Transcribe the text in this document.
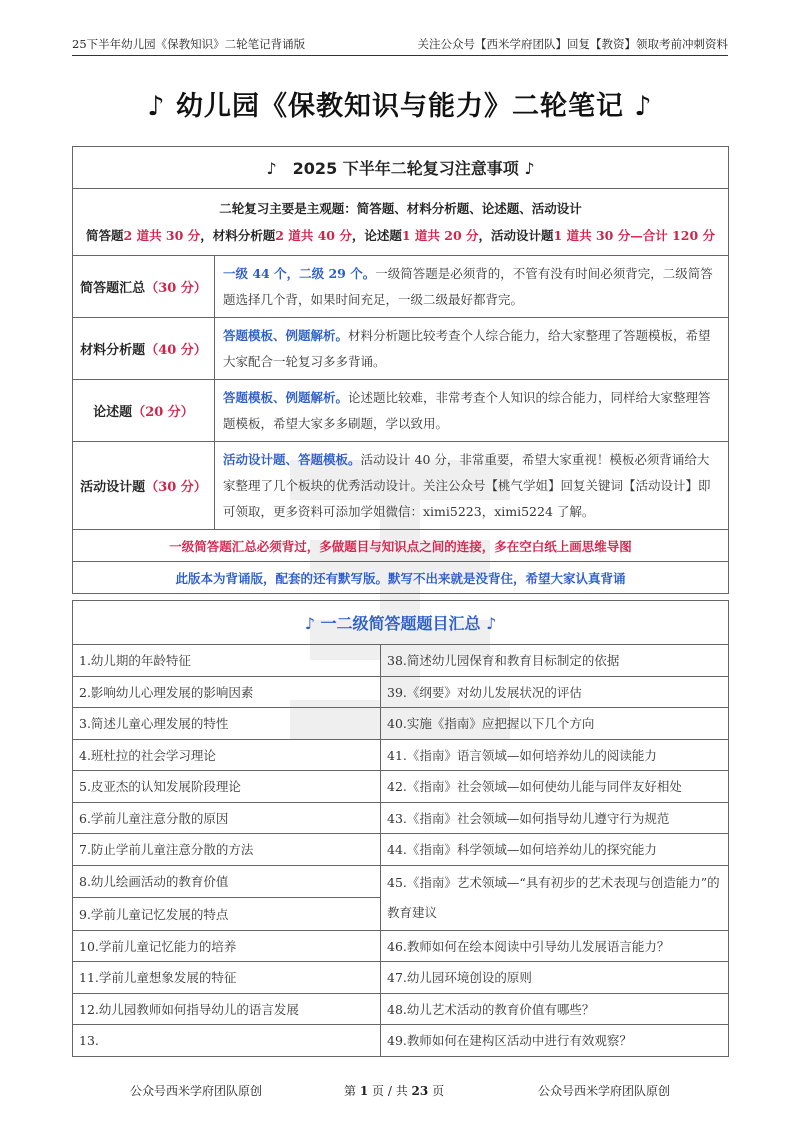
25下半年幼儿园《保教知识》二轮笔记背诵版	关注公众号【西米学府团队】回复【教资】领取考前冲刺资料
♪ 幼儿园《保教知识与能力》二轮笔记 ♪
♪　2025 下半年二轮复习注意事项 ♪	

二轮复习主要是主观题：简答题、材料分析题、论述题、活动设计
简答题2 道共 30 分，材料分析题2 道共 40 分，论述题1 道共 20 分，活动设计题1 道共 30 分—合计 120 分	

简答题汇总（30 分）	一级 44 个，二级 29 个。一级简答题是必须背的，不管有没有时间必须背完，二级简答题选择几个背，如果时间充足，一级二级最好都背完。
材料分析题（40 分）	答题模板、例题解析。材料分析题比较考查个人综合能力，给大家整理了答题模板，希望大家配合一轮复习多多背诵。
论述题（20 分）	答题模板、例题解析。论述题比较难，非常考查个人知识的综合能力，同样给大家整理答题模板，希望大家多多刷题，学以致用。
活动设计题（30 分）	活动设计题、答题模板。活动设计 40 分，非常重要，希望大家重视！模板必须背诵给大家整理了几个板块的优秀活动设计。关注公众号【桃气学姐】回复关键词【活动设计】即可领取，更多资料可添加学姐微信：ximi5223，ximi5224 了解。
一级简答题汇总必须背过，多做题目与知识点之间的连接，多在空白纸上画思维导图	
此版本为背诵版，配套的还有默写版。默写不出来就是没背住，希望大家认真背诵	
♪ 一二级简答题题目汇总 ♪	
1.幼儿期的年龄特征	38.简述幼儿园保育和教育目标制定的依据
2.影响幼儿心理发展的影响因素	39.《纲要》对幼儿发展状况的评估
3.简述儿童心理发展的特性	40.实施《指南》应把握以下几个方向
4.班杜拉的社会学习理论	41.《指南》语言领域—如何培养幼儿的阅读能力
5.皮亚杰的认知发展阶段理论	42.《指南》社会领域—如何使幼儿能与同伴友好相处
6.学前儿童注意分散的原因	43.《指南》社会领域—如何指导幼儿遵守行为规范
7.防止学前儿童注意分散的方法	44.《指南》科学领域—如何培养幼儿的探究能力
8.幼儿绘画活动的教育价值	45.《指南》艺术领域—“具有初步的艺术表现与创造能力”的教育建议
9.学前儿童记忆发展的特点	
10.学前儿童记忆能力的培养	46.教师如何在绘本阅读中引导幼儿发展语言能力？
11.学前儿童想象发展的特征	47.幼儿园环境创设的原则
12.幼儿园教师如何指导幼儿的语言发展	48.幼儿艺术活动的教育价值有哪些？
13.	49.教师如何在建构区活动中进行有效观察？
公众号西米学府团队原创	第 1 页 / 共 23 页	公众号西米学府团队原创
